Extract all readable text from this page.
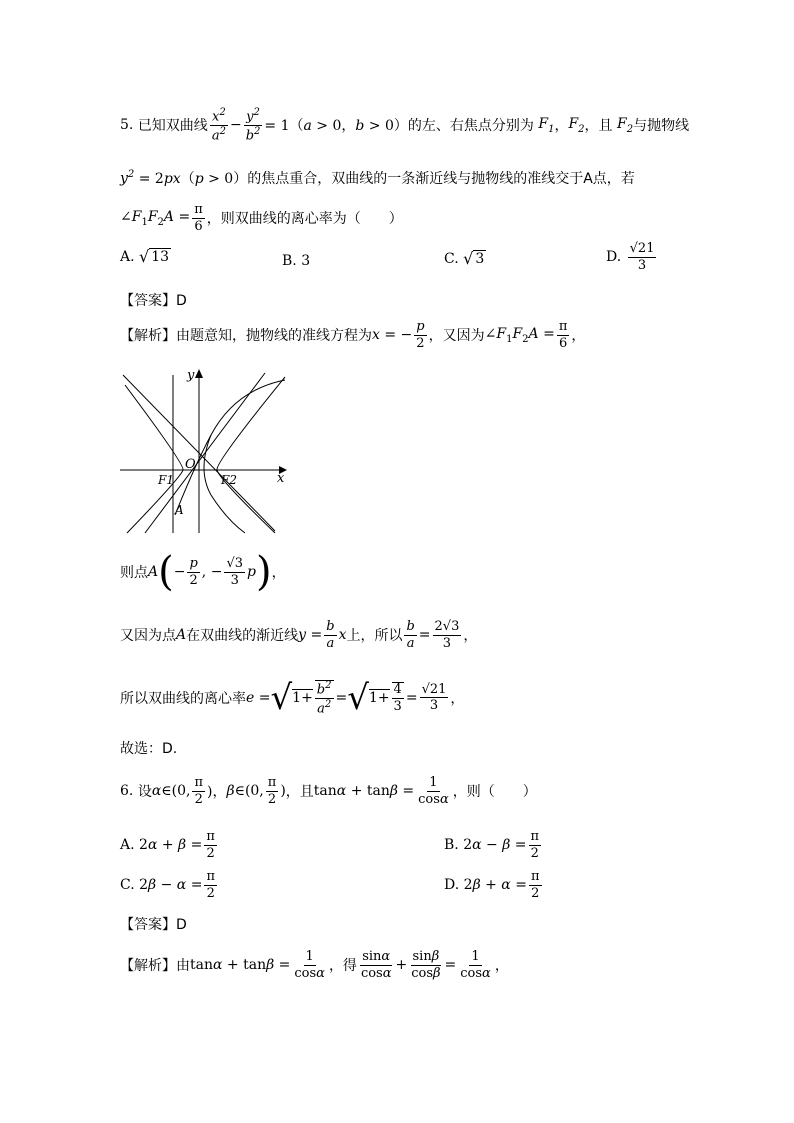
5.
已知双曲线 $\frac{x^2}{a^2} - \frac{y^2}{b^2} = 1(a > 0$，b > 0） 的左、右焦点分别为 $F_1$ ， $F_2$ ，且 $F_2$ 与抛物线
$y^2 = 2px(p > 0)$ 的焦点重合，双曲线的一条渐近线与抛物线的准线交于A点，若
$\angle F_1F_2A = \frac{\pi}{6}$ ，则双曲线的离心率为（　　）
A.
√ 13	B. 3	C.
√ 3	D.
$\frac{√21}{3}$
【答案】D
【解析】由题意知，抛物线的准线方程为 x = − $\frac{p}{2}$ ，又因为 $\angle F_1F_2A = \frac{\pi}{6}$ ，
y
O
x
F1	F2
A
则点 A ( − $\frac{p}{2}$ , − $\frac{√3}{3}$ p ) ，
又因为点 A 在双曲线的渐近线 $y = \frac{b}{a}$ x 上，所以 $\frac{b}{a} = \frac{2√3}{3}$ ，
所以双曲线的离心率 e = √ $1+ \frac{b^2}{a^2}$ = √ $1+ \frac{4}{3} = \frac{√21}{3}$ ，
故选：D.
6.
设 α ∈(0, $\frac{\pi}{2}$ )， β ∈(0, $\frac{\pi}{2}$ ) ，且 $\tan\alpha + \tan\beta = \frac{1}{\cos\alpha}$ ，则（　　）
A.
$2\alpha + \beta = \frac{\pi}{2}$	B.
$2\alpha - \beta = \frac{\pi}{2}$
C.
$2\beta - \alpha = \frac{\pi}{2}$	D.
$2\beta + \alpha = \frac{\pi}{2}$
【答案】D
【解析】由 $\tan\alpha + \tan\beta = \frac{1}{\cos\alpha}$ ，得 $\frac{\sin\alpha}{\cos\alpha} + \frac{\sin\beta}{\cos\beta} = \frac{1}{\cos\alpha}$ ，
